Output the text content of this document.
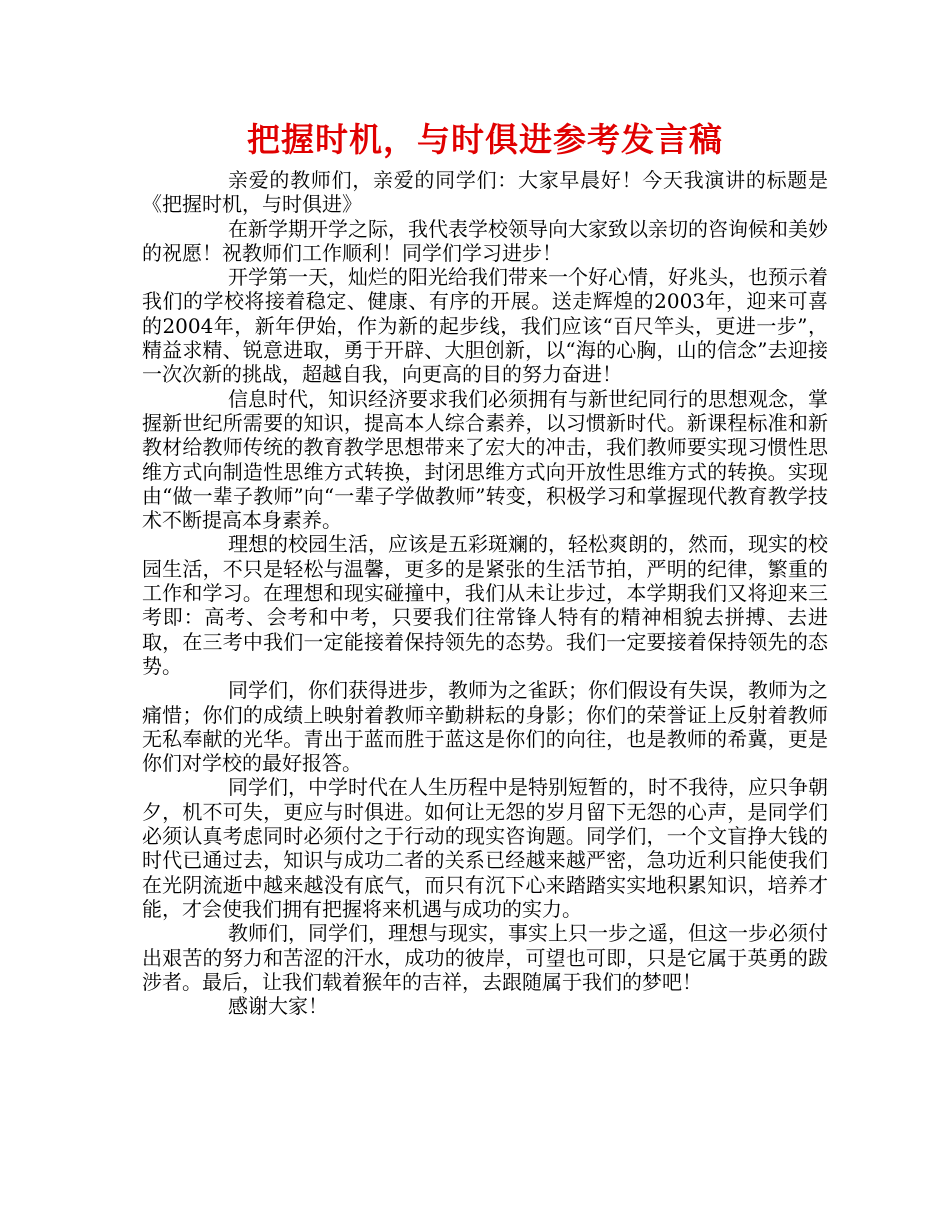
把握时机，与时俱进参考发言稿

亲爱的教师们，亲爱的同学们：大家早晨好！今天我演讲的标题是《把握时机，与时俱进》

在新学期开学之际，我代表学校领导向大家致以亲切的咨询候和美妙的祝愿！祝教师们工作顺利！同学们学习进步！

开学第一天，灿烂的阳光给我们带来一个好心情，好兆头，也预示着我们的学校将接着稳定、健康、有序的开展。送走辉煌的2003年，迎来可喜的2004年，新年伊始，作为新的起步线，我们应该“百尺竿头，更进一步”，精益求精、锐意进取，勇于开辟、大胆创新，以“海的心胸，山的信念”去迎接一次次新的挑战，超越自我，向更高的目的努力奋进！

信息时代，知识经济要求我们必须拥有与新世纪同行的思想观念，掌握新世纪所需要的知识，提高本人综合素养，以习惯新时代。新课程标准和新教材给教师传统的教育教学思想带来了宏大的冲击，我们教师要实现习惯性思维方式向制造性思维方式转换，封闭思维方式向开放性思维方式的转换。实现由“做一辈子教师”向“一辈子学做教师”转变，积极学习和掌握现代教育教学技术不断提高本身素养。

理想的校园生活，应该是五彩斑斓的，轻松爽朗的，然而，现实的校园生活，不只是轻松与温馨，更多的是紧张的生活节拍，严明的纪律，繁重的工作和学习。在理想和现实碰撞中，我们从未让步过，本学期我们又将迎来三考即：高考、会考和中考，只要我们往常锋人特有的精神相貌去拼搏、去进取，在三考中我们一定能接着保持领先的态势。我们一定要接着保持领先的态势。

同学们，你们获得进步，教师为之雀跃；你们假设有失误，教师为之痛惜；你们的成绩上映射着教师辛勤耕耘的身影；你们的荣誉证上反射着教师无私奉献的光华。青出于蓝而胜于蓝这是你们的向往，也是教师的希冀，更是你们对学校的最好报答。

同学们，中学时代在人生历程中是特别短暂的，时不我待，应只争朝夕，机不可失，更应与时俱进。如何让无怨的岁月留下无怨的心声，是同学们必须认真考虑同时必须付之于行动的现实咨询题。同学们，一个文盲挣大钱的时代已通过去，知识与成功二者的关系已经越来越严密，急功近利只能使我们在光阴流逝中越来越没有底气，而只有沉下心来踏踏实实地积累知识，培养才能，才会使我们拥有把握将来机遇与成功的实力。

教师们，同学们，理想与现实，事实上只一步之遥，但这一步必须付出艰苦的努力和苦涩的汗水，成功的彼岸，可望也可即，只是它属于英勇的跋涉者。最后，让我们载着猴年的吉祥，去跟随属于我们的梦吧！

感谢大家！
